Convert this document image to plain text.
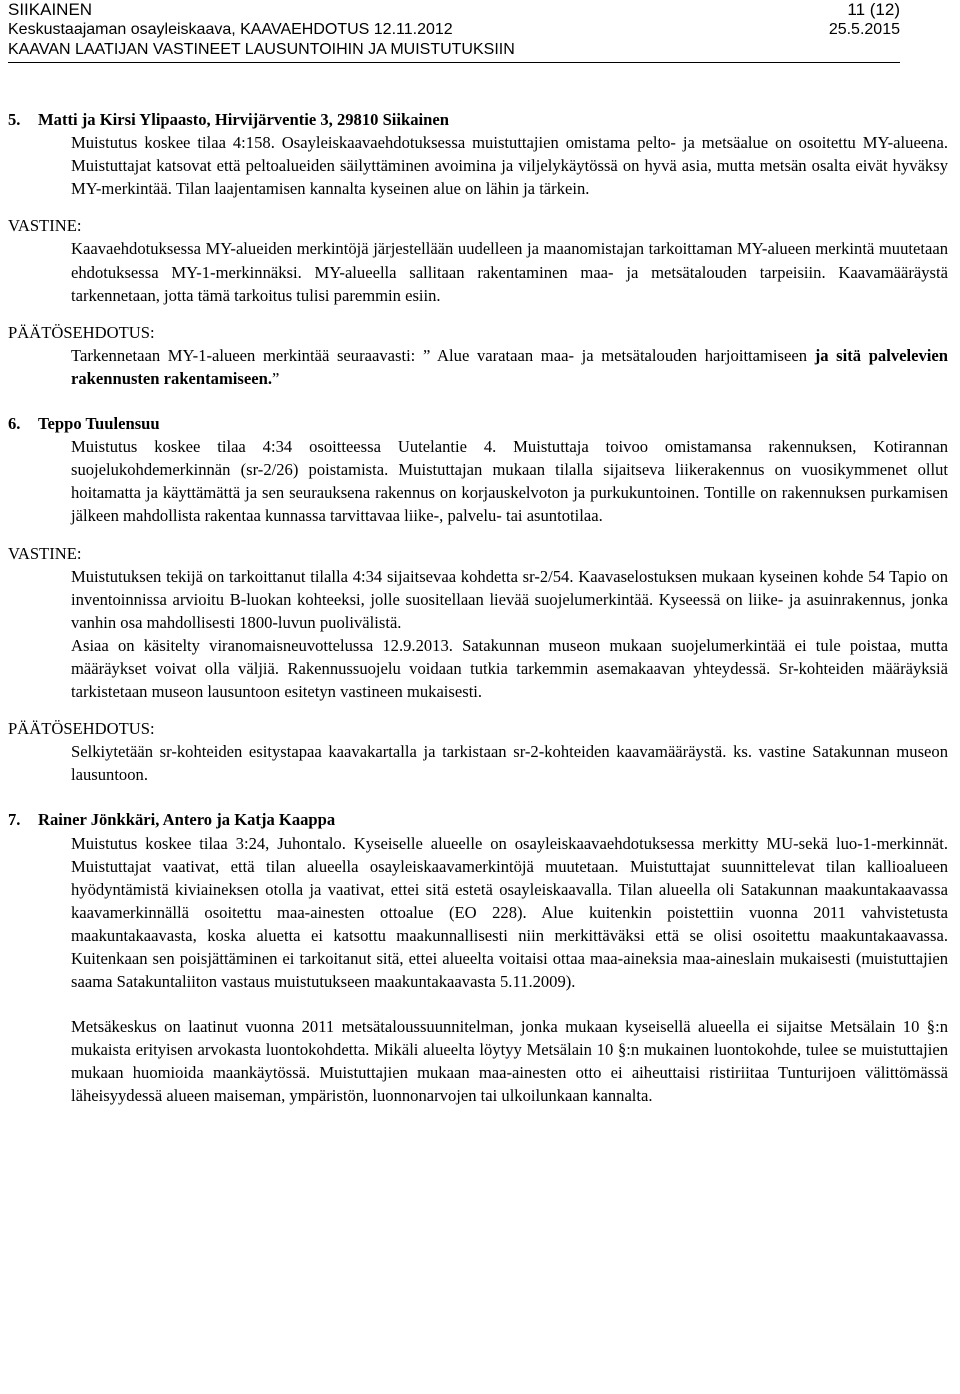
SIIKAINEN	11 (12)
Keskustaajaman osayleiskaava, KAAVAEHDOTUS 12.11.2012	25.5.2015
KAAVAN LAATIJAN VASTINEET LAUSUNTOIHIN JA MUISTUTUKSIIN
5.	Matti ja Kirsi Ylipaasto, Hirvijärventie 3, 29810 Siikainen

Muistutus koskee tilaa 4:158. Osayleiskaavaehdotuksessa muistuttajien omistama pelto- ja metsäalue on osoitettu MY-alueena. Muistuttajat katsovat että peltoalueiden säilyttäminen avoimina ja viljelykäytössä on hyvä asia, mutta metsän osalta eivät hyväksy MY-merkintää. Tilan laajentamisen kannalta kyseinen alue on lähin ja tärkein.

VASTINE:

Kaavaehdotuksessa MY-alueiden merkintöjä järjestellään uudelleen ja maanomistajan tarkoittaman MY-alueen merkintä muutetaan ehdotuksessa MY-1-merkinnäksi. MY-alueella sallitaan rakentaminen maa- ja metsätalouden tarpeisiin. Kaavamääräystä tarkennetaan, jotta tämä tarkoitus tulisi paremmin esiin.

PÄÄTÖSEHDOTUS:

Tarkennetaan MY-1-alueen merkintää seuraavasti: ” Alue varataan maa- ja metsätalouden harjoittamiseen ja sitä palvelevien rakennusten rakentamiseen.”

6.	Teppo Tuulensuu

Muistutus koskee tilaa 4:34 osoitteessa Uutelantie 4. Muistuttaja toivoo omistamansa rakennuksen, Kotirannan suojelukohdemerkinnän (sr-2/26) poistamista. Muistuttajan mukaan tilalla sijaitseva liikerakennus on vuosikymmenet ollut hoitamatta ja käyttämättä ja sen seurauksena rakennus on korjauskelvoton ja purkukuntoinen. Tontille on rakennuksen purkamisen jälkeen mahdollista rakentaa kunnassa tarvittavaa liike-, palvelu- tai asuntotilaa.

VASTINE:

Muistutuksen tekijä on tarkoittanut tilalla 4:34 sijaitsevaa kohdetta sr-2/54. Kaavaselostuksen mukaan kyseinen kohde 54 Tapio on inventoinnissa arvioitu B-luokan kohteeksi, jolle suositellaan lievää suojelumerkintää. Kyseessä on liike- ja asuinrakennus, jonka vanhin osa mahdollisesti 1800-luvun puolivälistä.

Asiaa on käsitelty viranomaisneuvottelussa 12.9.2013. Satakunnan museon mukaan suojelumerkintää ei tule poistaa, mutta määräykset voivat olla väljiä. Rakennussuojelu voidaan tutkia tarkemmin asemakaavan yhteydessä. Sr-kohteiden määräyksiä tarkistetaan museon lausuntoon esitetyn vastineen mukaisesti.

PÄÄTÖSEHDOTUS:

Selkiytetään sr-kohteiden esitystapaa kaavakartalla ja tarkistaan sr-2-kohteiden kaavamääräystä. ks. vastine Satakunnan museon lausuntoon.

7.	Rainer Jönkkäri, Antero ja Katja Kaappa

Muistutus koskee tilaa 3:24, Juhontalo. Kyseiselle alueelle on osayleiskaavaehdotuksessa merkitty MU-sekä luo-1-merkinnät. Muistuttajat vaativat, että tilan alueella osayleiskaavamerkintöjä muutetaan. Muistuttajat suunnittelevat tilan kallioalueen hyödyntämistä kiviaineksen otolla ja vaativat, ettei sitä estetä osayleiskaavalla. Tilan alueella oli Satakunnan maakuntakaavassa kaavamerkinnällä osoitettu maa-ainesten ottoalue (EO 228). Alue kuitenkin poistettiin vuonna 2011 vahvistetusta maakuntakaavasta, koska aluetta ei katsottu maakunnallisesti niin merkittäväksi että se olisi osoitettu maakuntakaavassa. Kuitenkaan sen poisjättäminen ei tarkoitanut sitä, ettei alueelta voitaisi ottaa maa-aineksia maa-aineslain mukaisesti (muistuttajien saama Satakuntaliiton vastaus muistutukseen maakuntakaavasta 5.11.2009).

Metsäkeskus on laatinut vuonna 2011 metsätaloussuunnitelman, jonka mukaan kyseisellä alueella ei sijaitse Metsälain 10 §:n mukaista erityisen arvokasta luontokohdetta. Mikäli alueelta löytyy Metsälain 10 §:n mukainen luontokohde, tulee se muistuttajien mukaan huomioida maankäytössä. Muistuttajien mukaan maa-ainesten otto ei aiheuttaisi ristiriitaa Tunturijoen välittömässä läheisyydessä alueen maiseman, ympäristön, luonnonarvojen tai ulkoilunkaan kannalta.
